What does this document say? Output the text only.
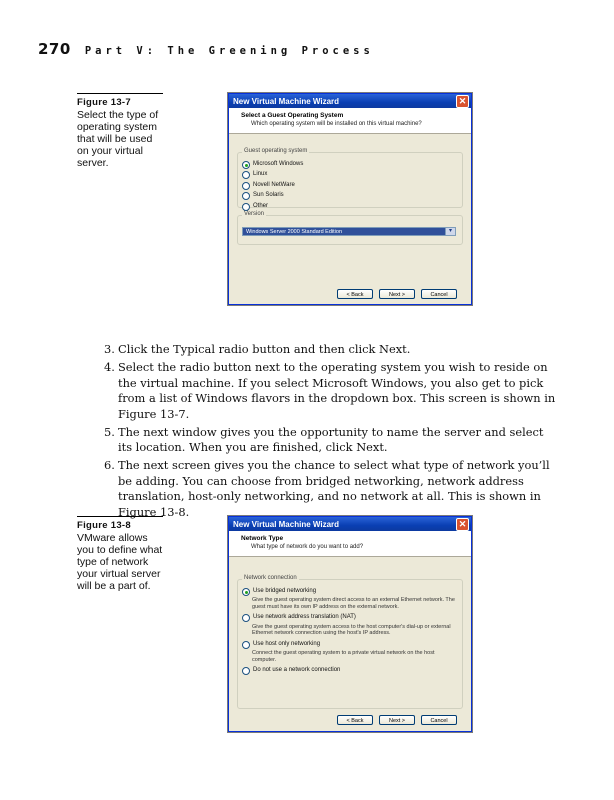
270 Part V: The Greening Process
Figure 13-7
Select the type of operating system that will be used on your virtual server.
New Virtual Machine Wizard	✕
Select a Guest Operating System
Which operating system will be installed on this virtual machine?
Guest operating system
Microsoft Windows
Linux
Novell NetWare
Sun Solaris
Other
Version
Windows Server 2000 Standard Edition	▾
< Back	Next >	Cancel
3. Click the Typical radio button and then click Next.
4. Select the radio button next to the operating system you wish to reside on the virtual machine. If you select Microsoft Windows, you also get to pick from a list of Windows flavors in the dropdown box. This screen is shown in Figure 13-7.
5. The next window gives you the opportunity to name the server and select its location. When you are finished, click Next.
6. The next screen gives you the chance to select what type of network you’ll be adding. You can choose from bridged networking, network address translation, host-only networking, and no network at all. This is shown in Figure 13-8.
Figure 13-8
VMware allows you to define what type of network your virtual server will be a part of.
New Virtual Machine Wizard	✕
Network Type
What type of network do you want to add?
Network connection
Use bridged networking
Give the guest operating system direct access to an external Ethernet network. The guest must have its own IP address on the external network.
Use network address translation (NAT)
Give the guest operating system access to the host computer's dial-up or external Ethernet network connection using the host's IP address.
Use host only networking
Connect the guest operating system to a private virtual network on the host computer.
Do not use a network connection
< Back	Next >	Cancel
